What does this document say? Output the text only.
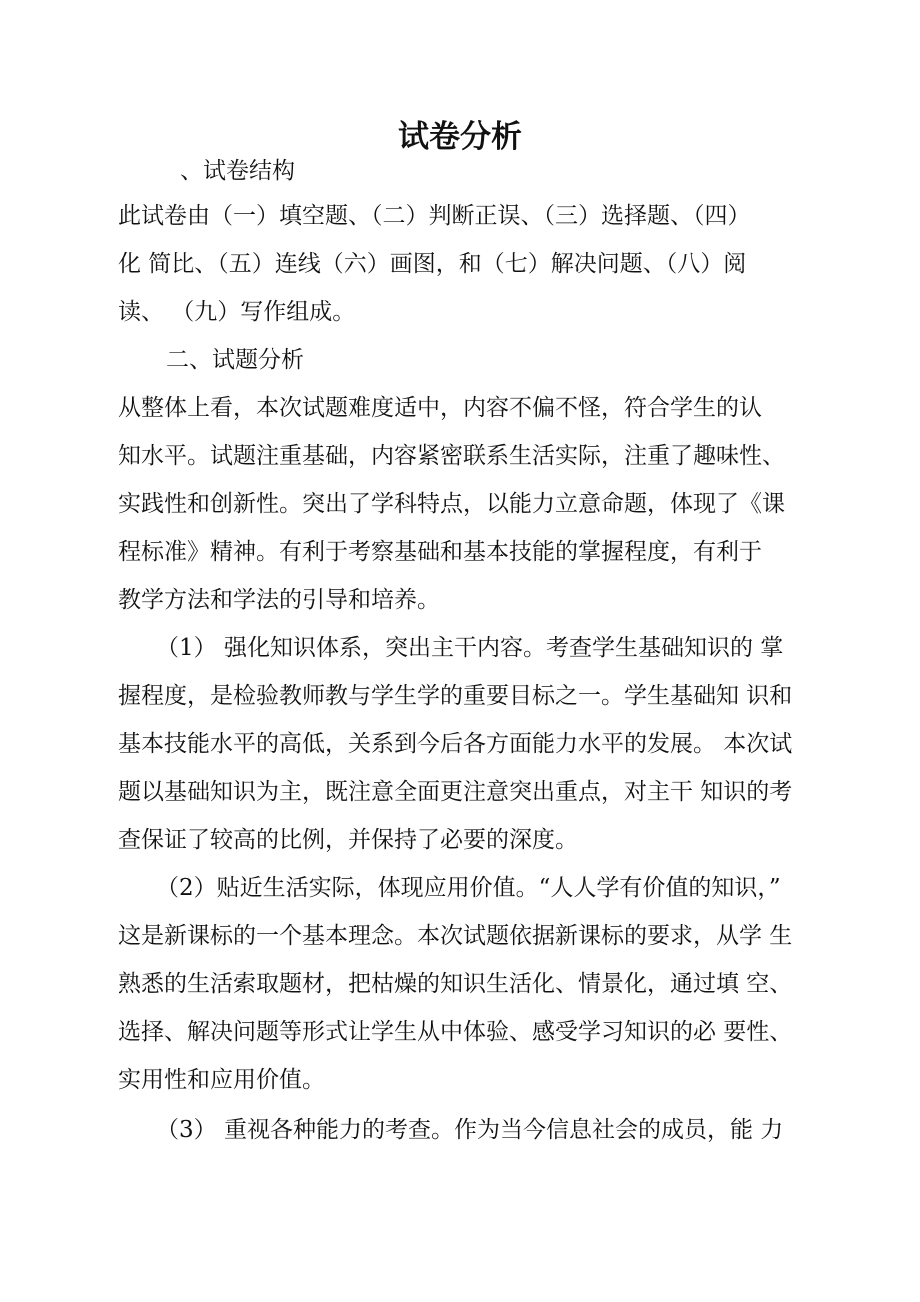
试卷分析
、试卷结构
此试卷由（一）填空题、（二）判断正误、（三）选择题、（四）
化 简比、（五）连线（六）画图，和（七）解决问题、（八）阅
读、 （九）写作组成。
二、试题分析
从整体上看，本次试题难度适中，内容不偏不怪，符合学生的认
知水平。试题注重基础，内容紧密联系生活实际，注重了趣味性、
实践性和创新性。突出了学科特点，以能力立意命题，体现了《课
程标准》精神。有利于考察基础和基本技能的掌握程度，有利于
教学方法和学法的引导和培养。
（1） 强化知识体系，突出主干内容。考查学生基础知识的 掌
握程度，是检验教师教与学生学的重要目标之一。学生基础知 识和
基本技能水平的高低，关系到今后各方面能力水平的发展。 本次试
题以基础知识为主，既注意全面更注意突出重点，对主干 知识的考
查保证了较高的比例，并保持了必要的深度。
（2）贴近生活实际，体现应用价值。“人人学有价值的知识，”
这是新课标的一个基本理念。本次试题依据新课标的要求，从学 生
熟悉的生活索取题材，把枯燥的知识生活化、情景化，通过填 空、
选择、解决问题等形式让学生从中体验、感受学习知识的必 要性、
实用性和应用价值。
（3） 重视各种能力的考查。作为当今信息社会的成员，能 力
